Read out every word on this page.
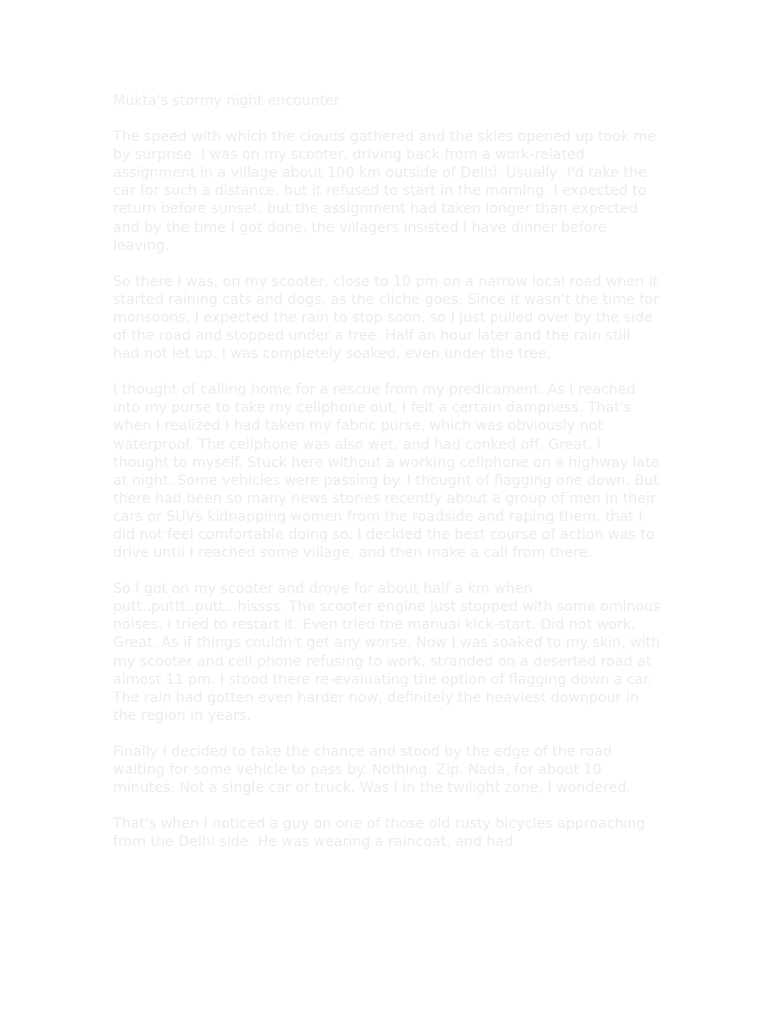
Mukta's stormy night encounter

The speed with which the clouds gathered and the skies opened up took me by surprise. I was on my scooter, driving back from a work-related assignment in a village about 100 km outside of Delhi. Usually, I'd take the car for such a distance, but it refused to start in the morning. I expected to return before sunset, but the assignment had taken longer than expected and by the time I got done, the villagers insisted I have dinner before leaving.

So there I was, on my scooter, close to 10 pm on a narrow local road when it started raining cats and dogs, as the cliche goes. Since it wasn't the time for monsoons, I expected the rain to stop soon, so I just pulled over by the side of the road and stopped under a tree. Half an hour later and the rain still had not let up. I was completely soaked, even under the tree.

I thought of calling home for a rescue from my predicament. As I reached into my purse to take my cellphone out, I felt a certain dampness. That's when I realized I had taken my fabric purse, which was obviously not waterproof. The cellphone was also wet, and had conked off. Great, I thought to myself. Stuck here without a working cellphone on a highway late at night. Some vehicles were passing by. I thought of flagging one down. But there had been so many news stories recently about a group of men in their cars or SUVs kidnapping women from the roadside and raping them, that I did not feel comfortable doing so. I decided the best course of action was to drive until I reached some village, and then make a call from there.

So I got on my scooter and drove for about half a km when putt..puttt..putt...hissss. The scooter engine just stopped with some ominous noises. I tried to restart it. Even tried the manual kick-start. Did not work. Great. As if things couldn't get any worse. Now I was soaked to my skin, with my scooter and cell phone refusing to work, stranded on a deserted road at almost 11 pm. I stood there re-evaluating the option of flagging down a car. The rain had gotten even harder now, definitely the heaviest downpour in the region in years.

Finally I decided to take the chance and stood by the edge of the road waiting for some vehicle to pass by. Nothing. Zip. Nada, for about 10 minutes. Not a single car or truck. Was I in the twilight zone, I wondered.

That's when I noticed a guy on one of those old rusty bicycles approaching from the Delhi side. He was wearing a raincoat, and had
